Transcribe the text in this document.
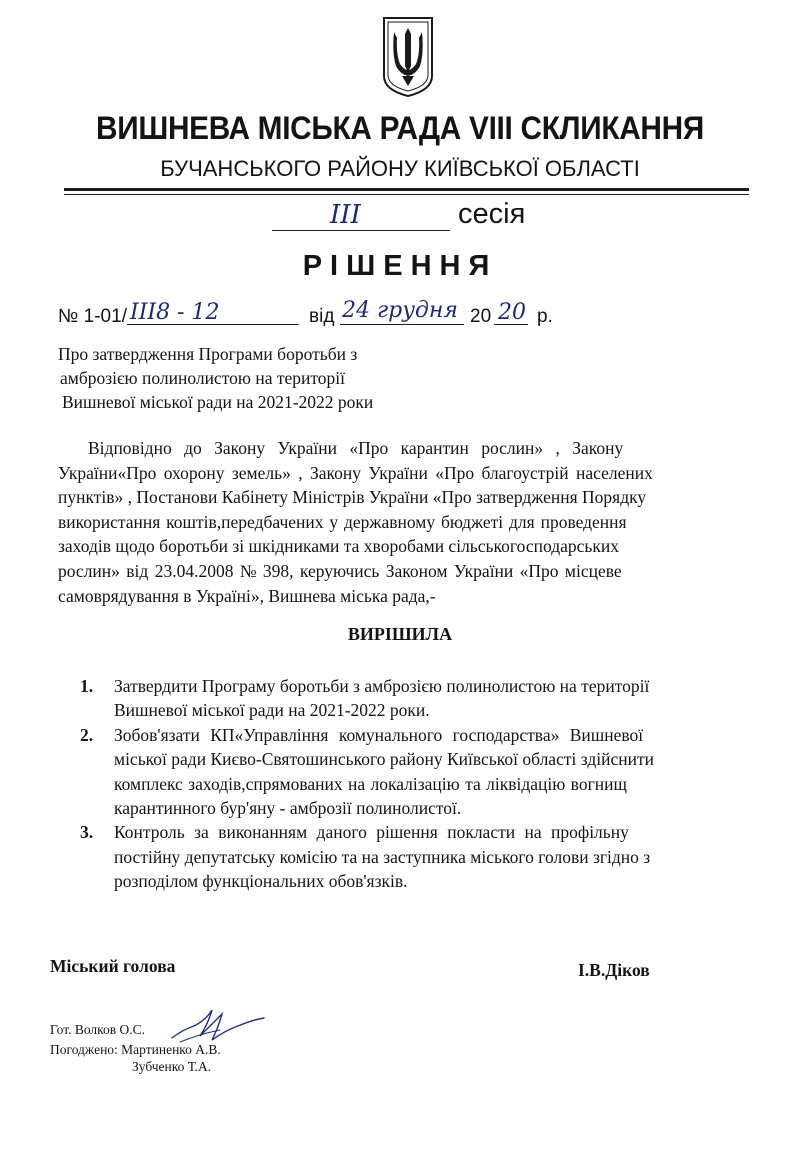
ВИШНЕВА МІСЬКА РАДА VIII СКЛИКАННЯ
БУЧАНСЬКОГО РАЙОНУ КИЇВСЬКОЇ ОБЛАСТІ
III	сесія
РІШЕННЯ
№ 1-01/ III8 - 12	від 24 грудня 20 20 р.
Про затвердження Програми боротьби з
амброзією полинолистою на території
Вишневої міської ради на 2021-2022 роки
Відповідно до Закону України «Про карантин рослин» , Закону
України«Про охорону земель» , Закону України «Про благоустрій населених
пунктів» , Постанови Кабінету Міністрів України «Про затвердження Порядку
використання коштів,передбачених у державному бюджеті для проведення
заходів щодо боротьби зі шкідниками та хворобами сільськогосподарських
рослин» від 23.04.2008 № 398, керуючись Законом України «Про місцеве
самоврядування в Україні», Вишнева міська рада,-
ВИРІШИЛА
1. Затвердити Програму боротьби з амброзією полинолистою на території
Вишневої міської ради на 2021-2022 роки.
2. Зобов'язати КП«Управління комунального господарства» Вишневої
міської ради Києво-Святошинського району Київської області здійснити
комплекс заходів,спрямованих на локалізацію та ліквідацію вогнищ
карантинного бур'яну - амброзії полинолистої.
3. Контроль за виконанням даного рішення покласти на профільну
постійну депутатську комісію та на заступника міського голови згідно з
розподілом функціональних обов'язків.
Міський голова	І.В.Діков
Гот. Волков О.С.
Погоджено: Мартиненко А.В.
Зубченко Т.А.
